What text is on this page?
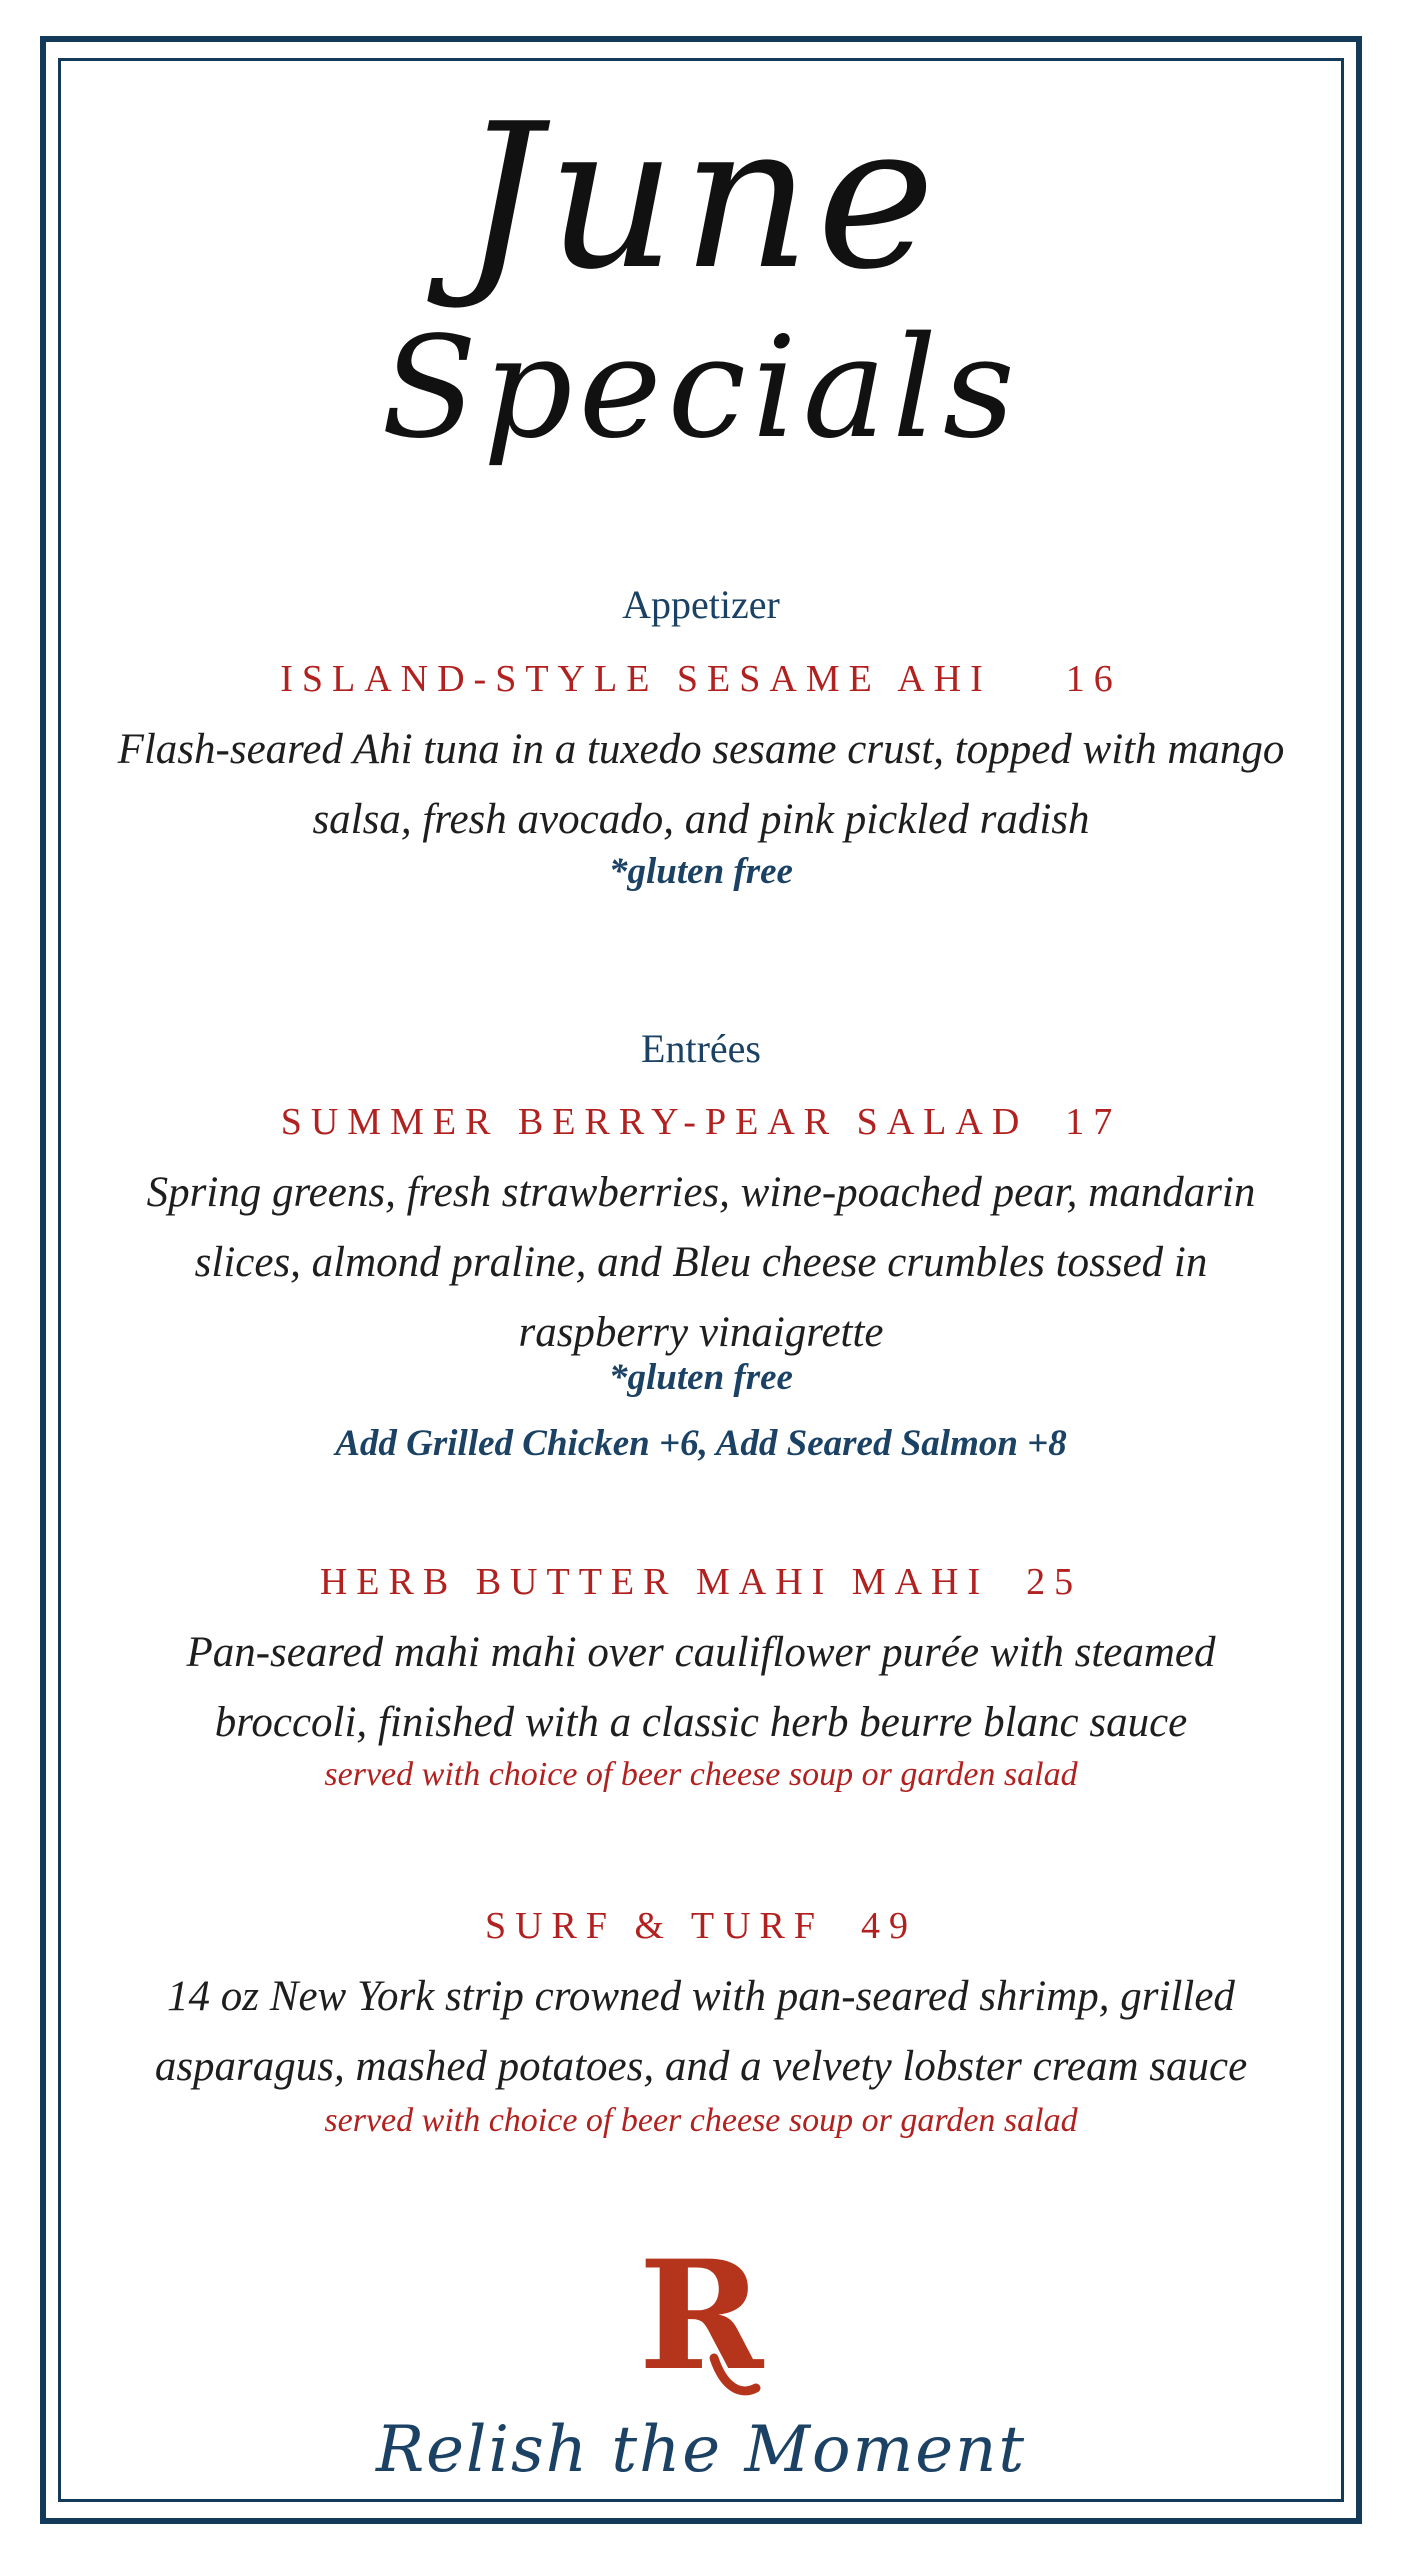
June
Specials
Appetizer
ISLAND-STYLE SESAME AHI 16
Flash-seared Ahi tuna in a tuxedo sesame crust, topped with mango salsa, fresh avocado, and pink pickled radish
*gluten free
Entrées
SUMMER BERRY-PEAR SALAD 17
Spring greens, fresh strawberries, wine-poached pear, mandarin slices, almond praline, and Bleu cheese crumbles tossed in raspberry vinaigrette
*gluten free
Add Grilled Chicken +6, Add Seared Salmon +8
HERB BUTTER MAHI MAHI 25
Pan-seared mahi mahi over cauliflower purée with steamed broccoli, finished with a classic herb beurre blanc sauce
served with choice of beer cheese soup or garden salad
SURF & TURF 49
14 oz New York strip crowned with pan-seared shrimp, grilled asparagus, mashed potatoes, and a velvety lobster cream sauce
served with choice of beer cheese soup or garden salad
R
Relish the Moment
